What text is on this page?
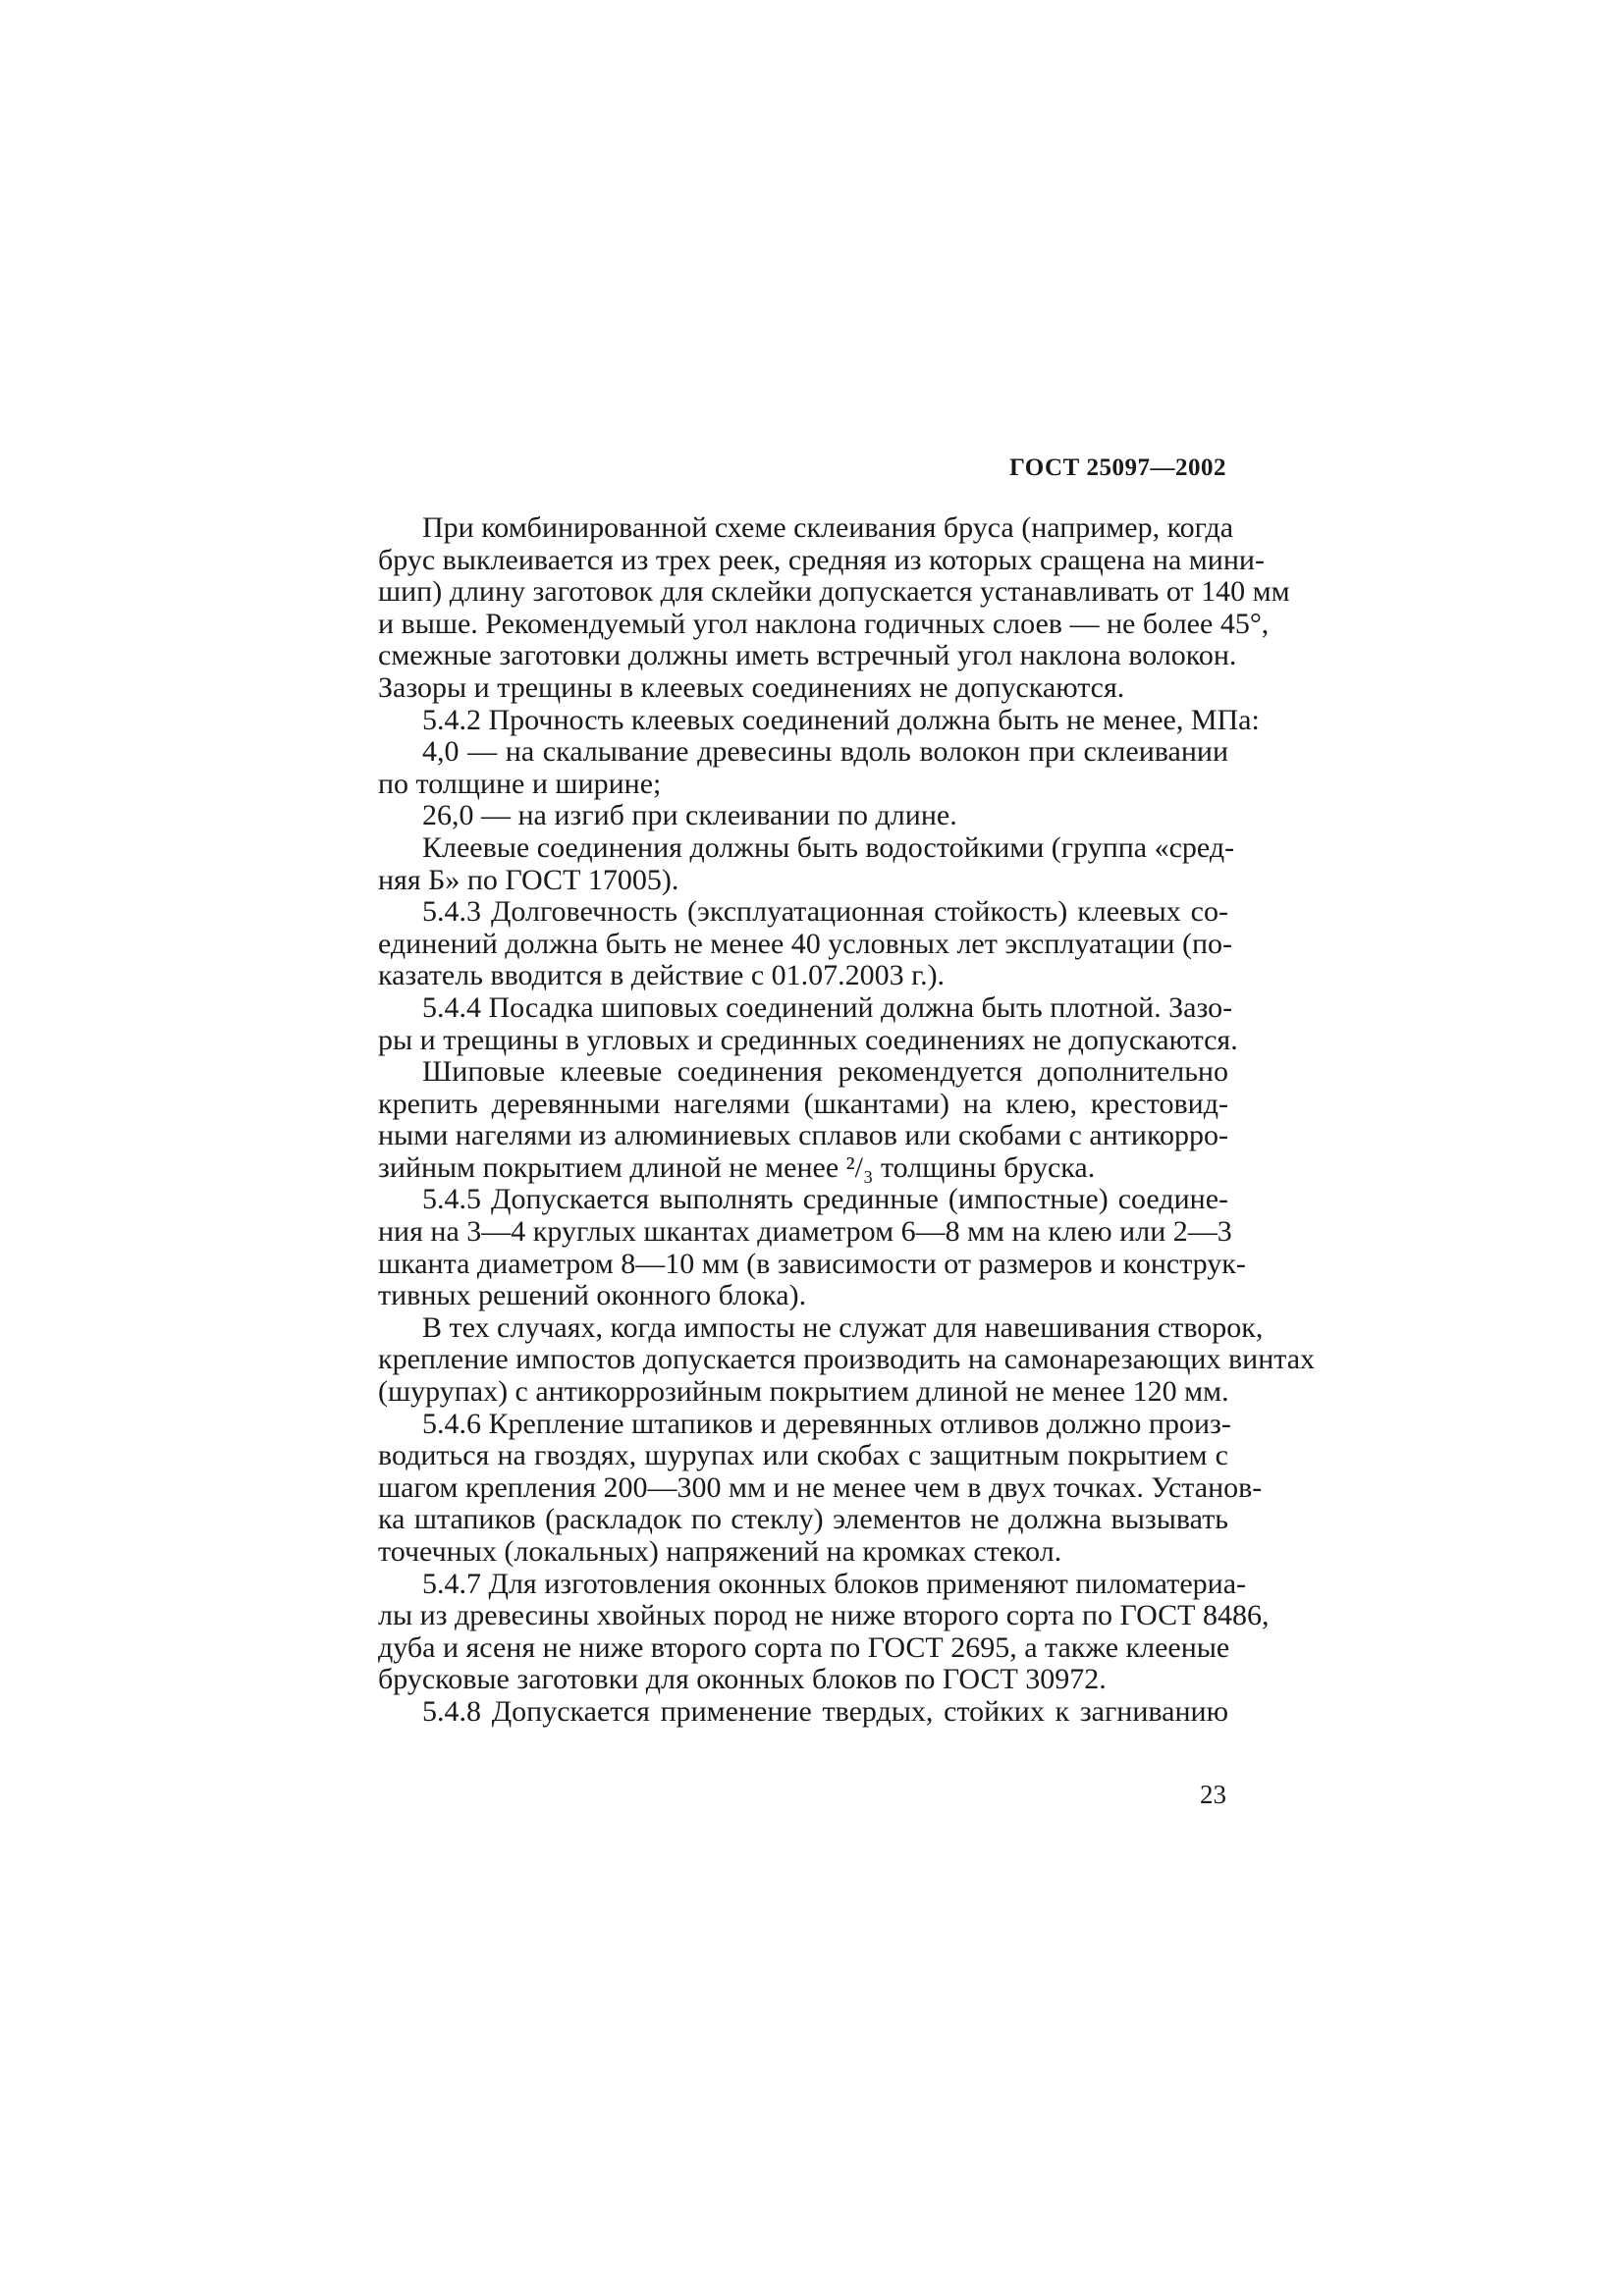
ГОСТ 25097—2002
При комбинированной схеме склеивания бруса (например, когда
брус выклеивается из трех реек, средняя из которых сращена на мини-
шип) длину заготовок для склейки допускается устанавливать от 140 мм
и выше. Рекомендуемый угол наклона годичных слоев — не более 45°,
смежные заготовки должны иметь встречный угол наклона волокон.
Зазоры и трещины в клеевых соединениях не допускаются.
5.4.2 Прочность клеевых соединений должна быть не менее, МПа:
4,0 — на скалывание древесины вдоль волокон при склеивании
по толщине и ширине;
26,0 — на изгиб при склеивании по длине.
Клеевые соединения должны быть водостойкими (группа «сред-
няя Б» по ГОСТ 17005).
5.4.3 Долговечность (эксплуатационная стойкость) клеевых со-
единений должна быть не менее 40 условных лет эксплуатации (по-
казатель вводится в действие с 01.07.2003 г.).
5.4.4 Посадка шиповых соединений должна быть плотной. Зазо-
ры и трещины в угловых и срединных соединениях не допускаются.
Шиповые клеевые соединения рекомендуется дополнительно
крепить деревянными нагелями (шкантами) на клею, крестовид-
ными нагелями из алюминиевых сплавов или скобами с антикорро-
зийным покрытием длиной не менее ²/₃ толщины бруска.
5.4.5 Допускается выполнять срединные (импостные) соедине-
ния на 3—4 круглых шкантах диаметром 6—8 мм на клею или 2—3
шканта диаметром 8—10 мм (в зависимости от размеров и конструк-
тивных решений оконного блока).
В тех случаях, когда импосты не служат для навешивания створок,
крепление импостов допускается производить на самонарезающих винтах
(шурупах) с антикоррозийным покрытием длиной не менее 120 мм.
5.4.6 Крепление штапиков и деревянных отливов должно произ-
водиться на гвоздях, шурупах или скобах с защитным покрытием с
шагом крепления 200—300 мм и не менее чем в двух точках. Установ-
ка штапиков (раскладок по стеклу) элементов не должна вызывать
точечных (локальных) напряжений на кромках стекол.
5.4.7 Для изготовления оконных блоков применяют пиломатериа-
лы из древесины хвойных пород не ниже второго сорта по ГОСТ 8486,
дуба и ясеня не ниже второго сорта по ГОСТ 2695, а также клееные
брусковые заготовки для оконных блоков по ГОСТ 30972.
5.4.8 Допускается применение твердых, стойких к загниванию
23
